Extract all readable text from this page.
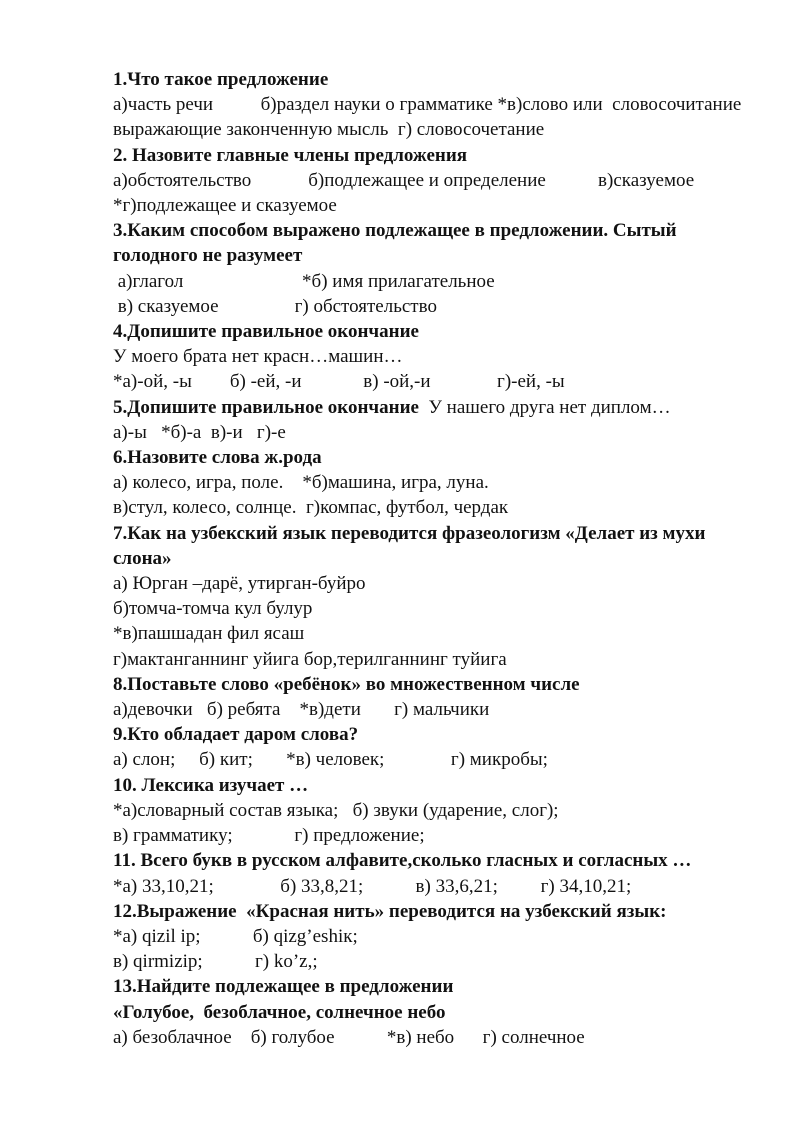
1.Что такое предложение
а)часть речи          б)раздел науки о грамматике *в)слово или  словосочитание
выражающие законченную мысль  г) словосочетание
2. Назовите главные члены предложения
а)обстоятельство            б)подлежащее и определение           в)сказуемое
*г)подлежащее и сказуемое
3.Каким способом выражено подлежащее в предложении. Сытый
голодного не разумеет
а)глагол                         *б) имя прилагательное
в) сказуемое                г) обстоятельство
4.Допишите правильное окончание
У моего брата нет красн…машин…
*а)-ой, -ы        б) -ей, -и             в) -ой,-и              г)-ей, -ы
5.Допишите правильное окончание  У нашего друга нет диплом…
а)-ы   *б)-а  в)-и   г)-е
6.Назовите слова ж.рода
а) колесо, игра, поле.    *б)машина, игра, луна.
в)стул, колесо, солнце.  г)компас, футбол, чердак
7.Как на узбекский язык переводится фразеологизм «Делает из мухи
слона»
а) Юрган –дарё, утирган-буйро
б)томча-томча кул булур
*в)пашшадан фил ясаш
г)мактанганнинг уйига бор,терилганнинг туйига
8.Поставьте слово «ребёнок» во множественном числе
а)девочки   б) ребята    *в)дети       г) мальчики
9.Кто обладает даром слова?
а) слон;     б) кит;       *в) человек;              г) микробы;
10. Лексика изучает …
*а)словарный состав языка;   б) звуки (ударение, слог);
в) грамматику;             г) предложение;
11. Всего букв в русском алфавите,сколько гласных и согласных …
*а) 33,10,21;              б) 33,8,21;           в) 33,6,21;         г) 34,10,21;
12.Выражение  «Красная нить» переводится на узбекский язык:
*а) qizil ip;           б) qizg’eshiк;
в) qirmizip;           г) ko’z,;
13.Найдите подлежащее в предложении
«Голубое,  безоблачное, солнечное небо
а) безоблачное    б) голубое           *в) небо      г) солнечное
